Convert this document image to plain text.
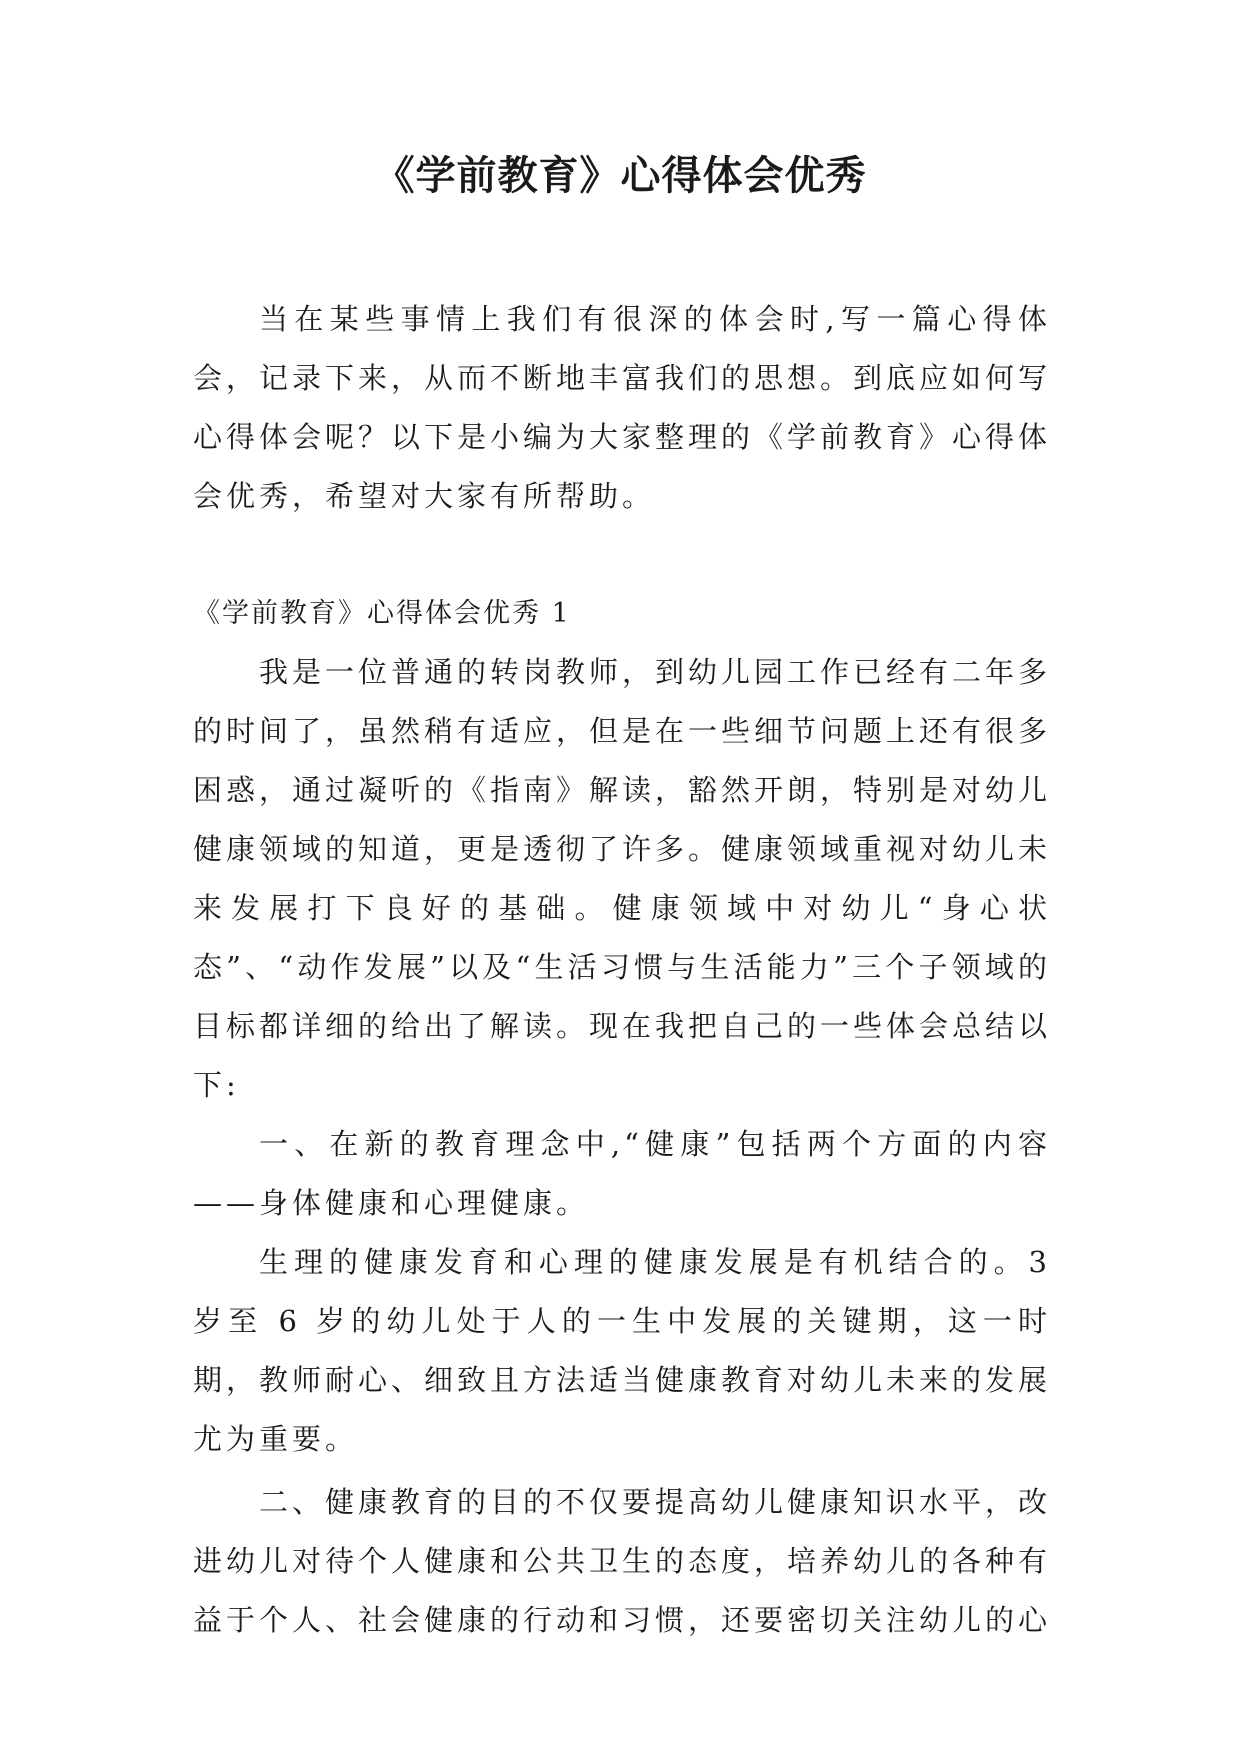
《学前教育》心得体会优秀

当在某些事情上我们有很深的体会时,写一篇心得体会，记录下来，从而不断地丰富我们的思想。到底应如何写心得体会呢？以下是小编为大家整理的《学前教育》心得体会优秀，希望对大家有所帮助。

《学前教育》心得体会优秀 1

我是一位普通的转岗教师，到幼儿园工作已经有二年多的时间了，虽然稍有适应，但是在一些细节问题上还有很多困惑，通过凝听的《指南》解读，豁然开朗，特别是对幼儿健康领域的知道，更是透彻了许多。健康领域重视对幼儿未来发展打下良好的基础。健康领域中对幼儿“身心状态”、“动作发展”以及“生活习惯与生活能力”三个子领域的目标都详细的给出了解读。现在我把自己的一些体会总结以下:

一、在新的教育理念中,“健康”包括两个方面的内容——身体健康和心理健康。

生理的健康发育和心理的健康发展是有机结合的。3 岁至 6 岁的幼儿处于人的一生中发展的关键期，这一时期，教师耐心、细致且方法适当健康教育对幼儿未来的发展尤为重要。

二、健康教育的目的不仅要提高幼儿健康知识水平，改进幼儿对待个人健康和公共卫生的态度，培养幼儿的各种有益于个人、社会健康的行动和习惯，还要密切关注幼儿的心
